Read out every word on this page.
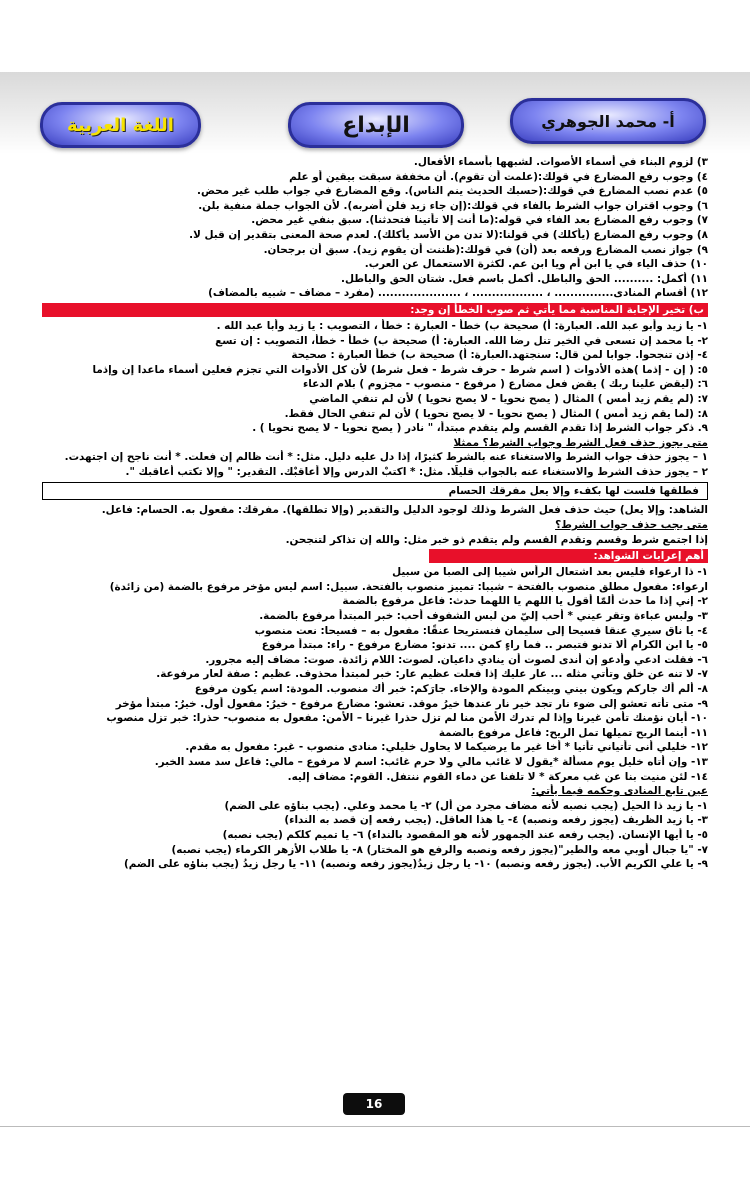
اللغة العربية	الإبداع	أ- محمد الجوهري
٣) لزوم البناء في أسماء الأصوات. لشبهها بأسماء الأفعال.
٤) وجوب رفع المضارع في قولك:(علمت أن تقوم). أن مخففة سبقت بيقين أو علم
٥) عدم نصب المضارع في قولك:(حسبك الحديث ينم الناس). وقع المضارع في جواب طلب غير محض.
٦) وجوب اقتران جواب الشرط بالفاء في قولك:(إن جاء زيد فلن أضربه). لأن الجواب جملة منفية بلن.
٧) وجوب رفع المضارع بعد الفاء في قوله:(ما أنت إلا تأتينا فتحدثنا). سبق بنفي غير محض.
٨) وجوب رفع المضارع (يأكلك) في قولنا:(لا تدن من الأسد يأكلك). لعدم صحة المعنى بتقدير إن قبل لا.
٩) جواز نصب المضارع ورفعه بعد (أن) في قولك:(ظننت أن يقوم زيد). سبق أن برجحان.
١٠) حذف الياء في يا ابن أم ويا ابن عم. لكثرة الاستعمال عن العرب.
١١) أكمل: .......... الحق والباطل. أكمل باسم فعل. شتان الحق والباطل.
١٢) أقسام المنادى............... ، .................. ، ..................... (مفرد – مضاف – شبيه بالمضاف)
ب) تخير الإجابة المناسبة مما يأتي ثم صوب الخطأ إن وجد:
١- يا زيد وأبو عبد الله. العبارة: أ) صحيحة ب) خطأ - العبارة : خطأ ، التصويب : يا زيد وأبا عبد الله .
٢- يا محمد إن تسعى في الخير تنل رضا الله. العبارة: أ) صحيحة ب) خطأ - خطأ، التصويب : إن تسع
٤- إذن تنجحوا. جوابا لمن قال: سنجتهد.العبارة: أ) صحيحة ب) خطأ العبارة : صحيحة
٥: ( إن - إذما )هذه الأدوات ( اسم شرط - حرف شرط - فعل شرط) لأن كل الأدوات التي تجزم فعلين أسماء ماعدا إن وإذما
٦: (ليقض علينا ربك ) يقض فعل مضارع ( مرفوع - منصوب - مجزوم ) بلام الدعاء
٧: (لم يقم زيد أمس ) المثال ( يصح نحويا - لا يصح نحويا ) لأن لم تنفي الماضي
٨: (لما يقم زيد أمس ) المثال ( يصح نحويا - لا يصح نحويا ) لأن لم تنفي الحال فقط.
٩. ذكر جواب الشرط إذا تقدم القسم ولم يتقدم مبتدأ، " نادر ( يصح نحويا - لا يصح نحويا ) .
متى يجوز حذف فعل الشرط وجواب الشرط؟ ممثلا
١ – يجوز حذف جواب الشرط والاستغناء عنه بالشرط كثيرًا، إذا دل عليه دليل. مثل: * أنت ظالم إن فعلت. * أنت ناجح إن اجتهدت.
٢ – يجوز حذف الشرط والاستغناء عنه بالجواب قليلًا. مثل: * اكتبْ الدرس وإلا أعاقبْك. التقدير: " وإلا تكتب أعاقبك ".
فطلقها فلست لها بكفء وإلا يعل مفرقك الحسام
الشاهد: وإلا يعل) حيث حذف فعل الشرط وذلك لوجود الدليل والتقدير (وإلا تطلقها). مفرقك: مفعول به. الحسام: فاعل.
متى يجب حذف جواب الشرط؟
إذا اجتمع شرط وقسم وتقدم القسم ولم يتقدم ذو خبر مثل: والله إن تذاكر لتنجحن.
أهم إعرابات الشواهد:
١- ذا ارعواء فليس بعد اشتعال الرأس شيبا إلى الصبا من سبيل
ارعواء: مفعول مطلق منصوب بالفتحة – شيبا: تمييز منصوب بالفتحة. سبيل: اسم ليس مؤخر مرفوع بالضمة (من زائدة)
٢- إني إذا ما حدث ألمّا أقول يا اللهم يا اللهما حدث: فاعل مرفوع بالضمة
٣- ولبس عباءة وتقر عيني * أحب إليّ من لبس الشفوف أحب: خبر المبتدأ مرفوع بالضمة.
٤- يا ناق سيري عنقا فسيحا إلى سليمان فنستريحا عنقًا: مفعول به – فسيحا: نعت منصوب
٥- يا ابن الكرام ألا تدنو فتبصر .. فما راءٍ كمن .... تدنو: مضارع مرفوع - راء: مبتدأ مرفوع
٦- فقلت ادعي وأدعو إن أندى لصوت أن ينادي داعيان. لصوت: اللام زائدة. صوت: مضاف إليه مجرور.
٧- لا تنه عن خلق وتأتي مثله ... عار عليك إذا فعلت عظيم عار: خبر لمبتدأ محذوف. عظيم : صفة لعار مرفوعة.
٨- ألم أك جاركم ويكون بيني وبينكم المودة والإخاء. جارَكم: خبر أك منصوب. المودة: اسم يكون مرفوع
٩- متى تأته تعشو إلى ضوء نار تجد خير نار عندها خيرُ موقد. تعشو: مضارع مرفوع - خيرُ: مفعول أول. خيرُ: مبتدأ مؤخر
١٠- أيان نؤمنك تأمن غيرنا وإذا لم تدرك الأمن منا لم تزل حذرا غيرنا – الأمن: مفعول به منصوب- حذرا: خبر تزل منصوب
١١- أينما الريح تميلها تمل الريح: فاعل مرفوع بالضمة
١٢- خليلي أنى تأتياني تأتيا * أخا غير ما يرضيكما لا يحاول خليلي: منادى منصوب - غير: مفعول به مقدم.
١٣- وإن أتاه خليل يوم مسألة *يقول لا غائب مالي ولا حرم غائب: اسم لا مرفوع – مالي: فاعل سد مسد الخبر.
١٤- لئن منيت بنا عن غب معركة * لا تلفنا عن دماء القوم ننتفل. القوم: مضاف إليه.
عين تابع المنادى وحكمه فيما يأتي:
١- يا زيد ذا الحيل (يجب نصبه لأنه مضاف مجرد من أل) ٢- يا محمد وعلي. (يجب بناؤه على الضم)
٣- يا زيد الظريف (يجوز رفعه ونصبه) ٤- يا هذا العاقل. (يجب رفعه إن قصد به النداء)
٥- يا أيها الإنسان. (يجب رفعه عند الجمهور لأنه هو المقصود بالنداء) ٦- يا تميم كلكم (يجب نصبه)
٧- "يا جبال أوبي معه والطير"(يجوز رفعه ونصبه والرفع هو المختار) ٨- يا طلاب الأزهر الكرماء (يجب نصبه)
٩- يا علي الكريم الأب. (يجوز رفعه ونصبه) ١٠- يا رجل زيدُ(يجوز رفعه ونصبه) ١١- يا رجل زيدُ (يجب بناؤه على الضم)
16
